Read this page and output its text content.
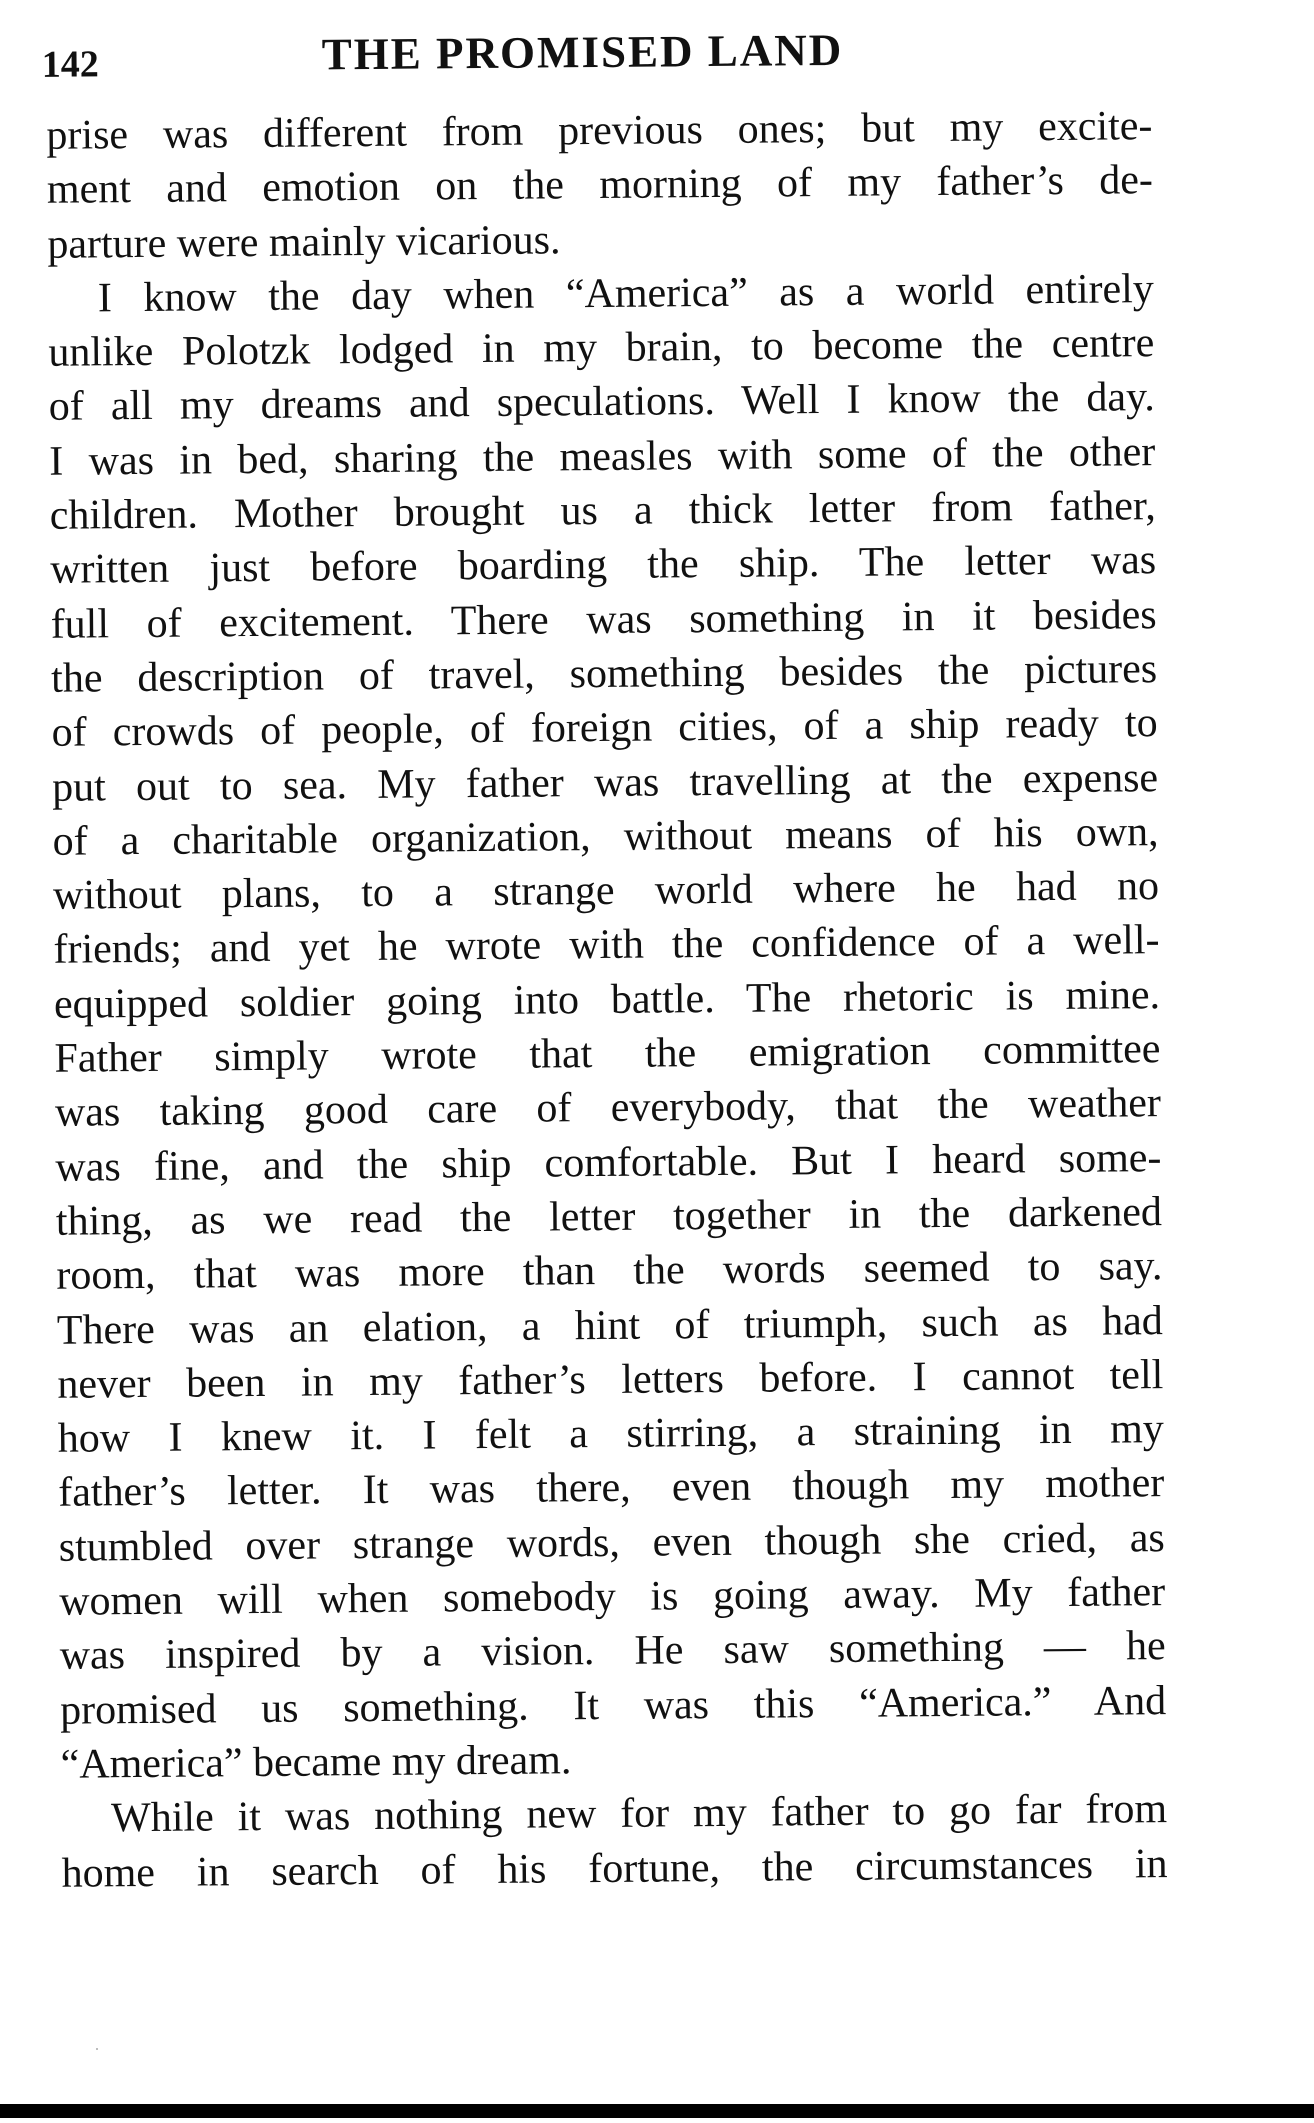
142	THE PROMISED LAND
prise was different from previous ones; but my excite-
ment and emotion on the morning of my father’s de-
parture were mainly vicarious.
I know the day when “America” as a world entirely
unlike Polotzk lodged in my brain, to become the centre
of all my dreams and speculations. Well I know the day.
I was in bed, sharing the measles with some of the other
children. Mother brought us a thick letter from father,
written just before boarding the ship. The letter was
full of excitement. There was something in it besides
the description of travel, something besides the pictures
of crowds of people, of foreign cities, of a ship ready to
put out to sea. My father was travelling at the expense
of a charitable organization, without means of his own,
without plans, to a strange world where he had no
friends; and yet he wrote with the confidence of a well-
equipped soldier going into battle. The rhetoric is mine.
Father simply wrote that the emigration committee
was taking good care of everybody, that the weather
was fine, and the ship comfortable. But I heard some-
thing, as we read the letter together in the darkened
room, that was more than the words seemed to say.
There was an elation, a hint of triumph, such as had
never been in my father’s letters before. I cannot tell
how I knew it. I felt a stirring, a straining in my
father’s letter. It was there, even though my mother
stumbled over strange words, even though she cried, as
women will when somebody is going away. My father
was inspired by a vision. He saw something — he
promised us something. It was this “America.” And
“America” became my dream.
While it was nothing new for my father to go far from
home in search of his fortune, the circumstances in
